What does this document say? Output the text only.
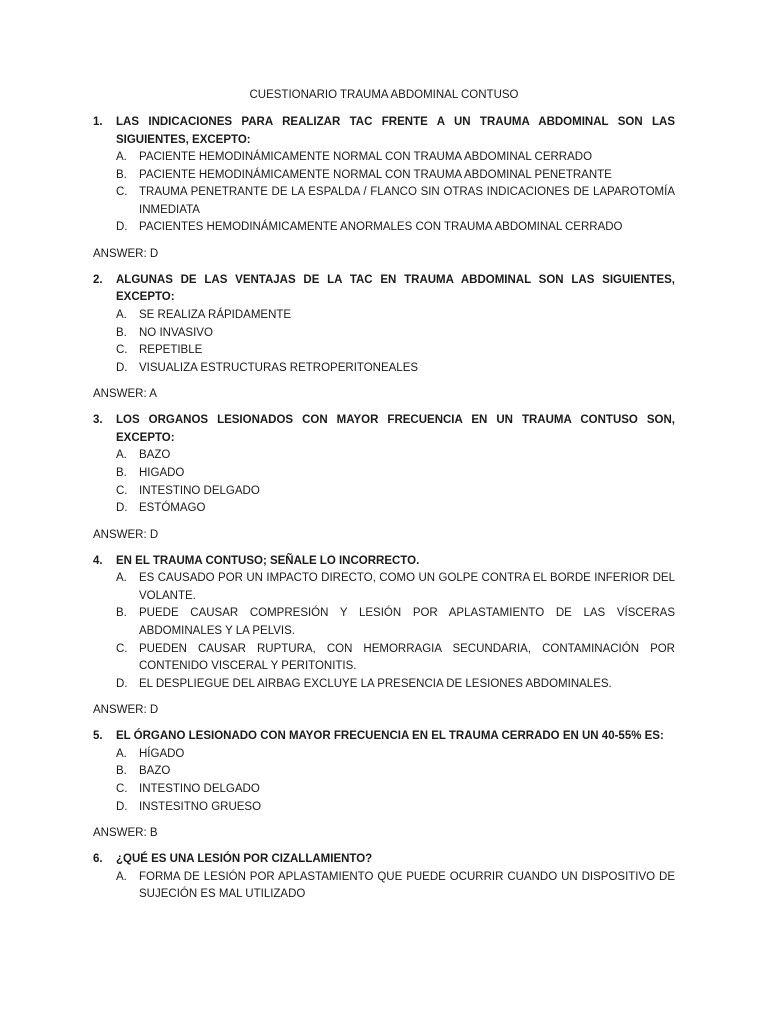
CUESTIONARIO TRAUMA ABDOMINAL CONTUSO
1.	LAS INDICACIONES PARA REALIZAR TAC FRENTE A UN TRAUMA ABDOMINAL SON LAS SIGUIENTES, EXCEPTO:
A.	PACIENTE HEMODINÁMICAMENTE NORMAL CON TRAUMA ABDOMINAL CERRADO
B.	PACIENTE HEMODINÁMICAMENTE NORMAL CON TRAUMA ABDOMINAL PENETRANTE
C.	TRAUMA PENETRANTE DE LA ESPALDA / FLANCO SIN OTRAS INDICACIONES DE LAPAROTOMÍA INMEDIATA
D.	PACIENTES HEMODINÁMICAMENTE ANORMALES CON TRAUMA ABDOMINAL CERRADO
ANSWER: D
2.	ALGUNAS DE LAS VENTAJAS DE LA TAC EN TRAUMA ABDOMINAL SON LAS SIGUIENTES, EXCEPTO:
A.	SE REALIZA RÁPIDAMENTE
B.	NO INVASIVO
C.	REPETIBLE
D.	VISUALIZA ESTRUCTURAS RETROPERITONEALES
ANSWER: A
3.	LOS ORGANOS LESIONADOS CON MAYOR FRECUENCIA EN UN TRAUMA CONTUSO SON, EXCEPTO:
A.	BAZO
B.	HIGADO
C.	INTESTINO DELGADO
D.	ESTÓMAGO
ANSWER: D
4.	EN EL TRAUMA CONTUSO; SEÑALE LO INCORRECTO.
A.	ES CAUSADO POR UN IMPACTO DIRECTO, COMO UN GOLPE CONTRA EL BORDE INFERIOR DEL VOLANTE.
B.	PUEDE CAUSAR COMPRESIÓN Y LESIÓN POR APLASTAMIENTO DE LAS VÍSCERAS ABDOMINALES Y LA PELVIS.
C.	PUEDEN CAUSAR RUPTURA, CON HEMORRAGIA SECUNDARIA, CONTAMINACIÓN POR CONTENIDO VISCERAL Y PERITONITIS.
D.	EL DESPLIEGUE DEL AIRBAG EXCLUYE LA PRESENCIA DE LESIONES ABDOMINALES.
ANSWER: D
5.	EL ÓRGANO LESIONADO CON MAYOR FRECUENCIA EN EL TRAUMA CERRADO EN UN 40-55% ES:
A.	HÍGADO
B.	BAZO
C.	INTESTINO DELGADO
D.	INSTESITNO GRUESO
ANSWER: B
6.	¿QUÉ ES UNA LESIÓN POR CIZALLAMIENTO?
A.	FORMA DE LESIÓN POR APLASTAMIENTO QUE PUEDE OCURRIR CUANDO UN DISPOSITIVO DE SUJECIÓN ES MAL UTILIZADO
